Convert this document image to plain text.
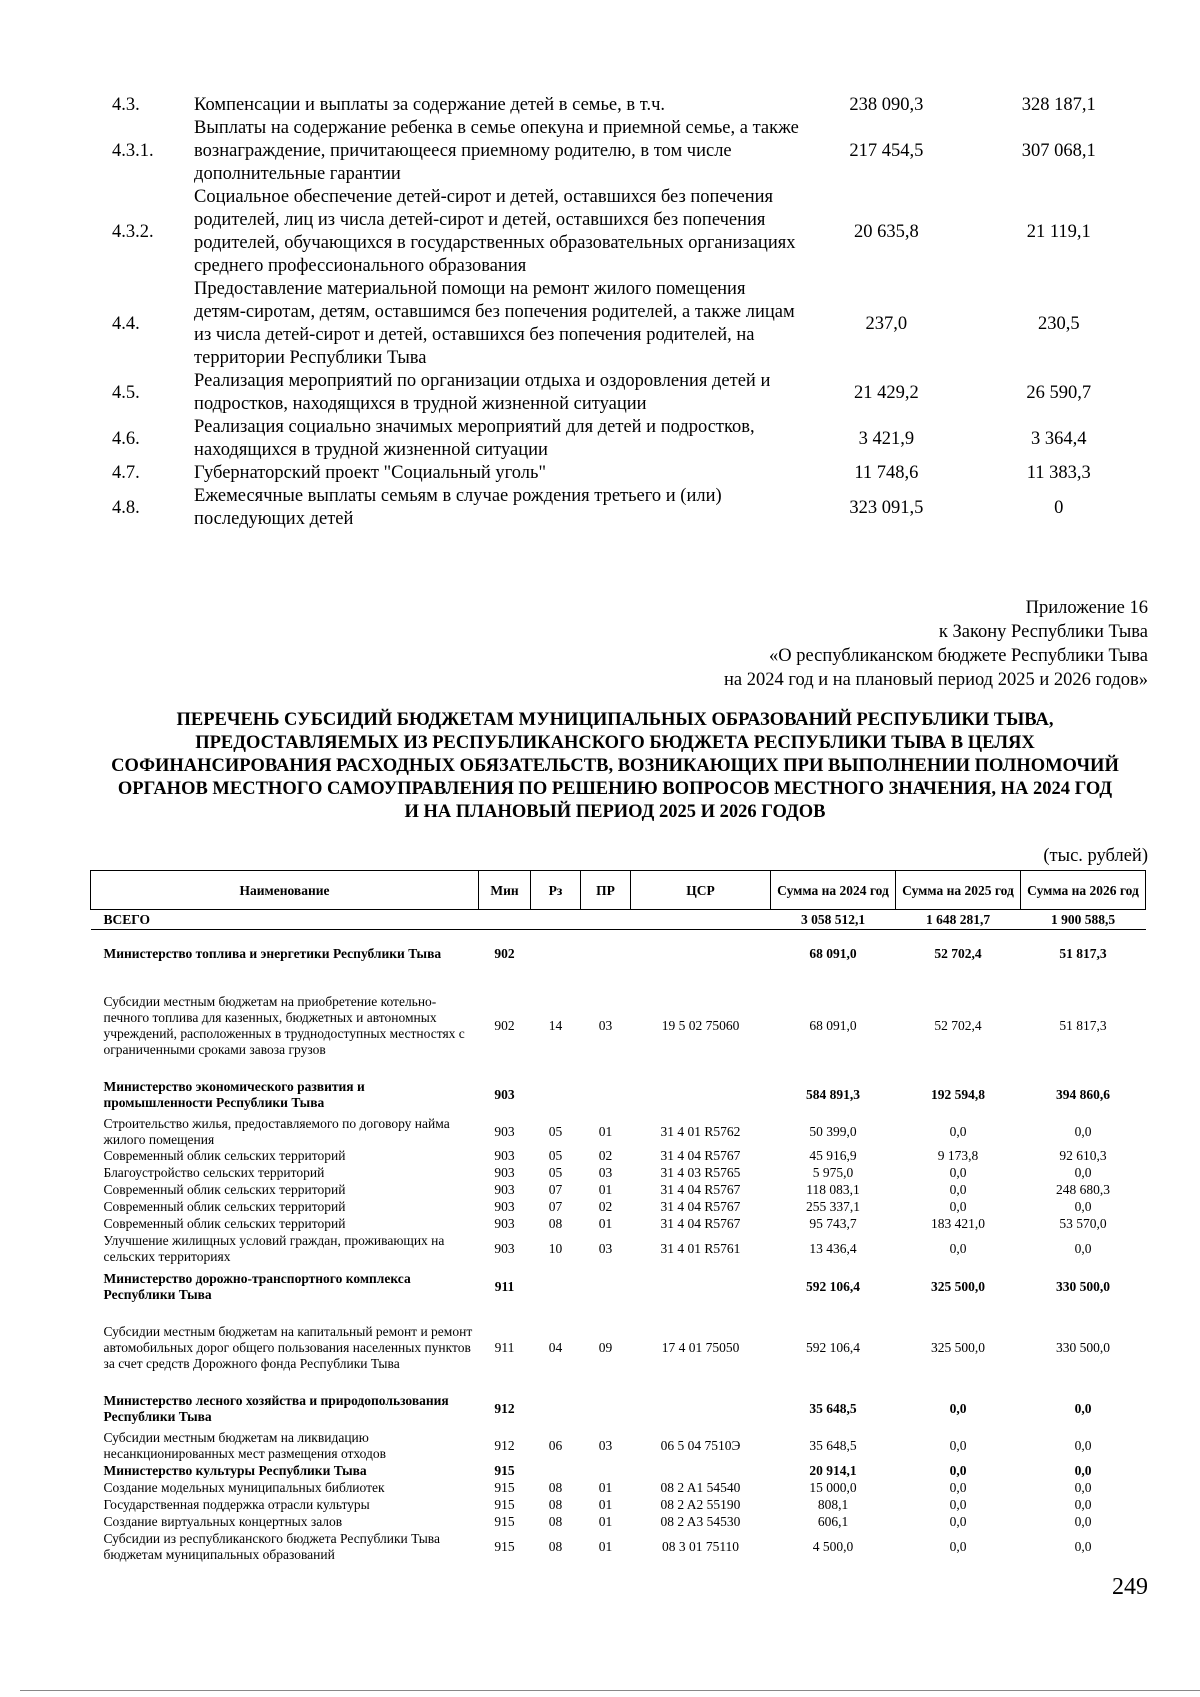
4.3.	Компенсации и выплаты за содержание детей в семье, в т.ч.	238 090,3	328 187,1
4.3.1.	Выплаты на содержание ребенка в семье опекуна и приемной семье, а также вознаграждение, причитающееся приемному родителю, в том числе дополнительные гарантии	217 454,5	307 068,1
4.3.2.	Социальное обеспечение детей-сирот и детей, оставшихся без попечения родителей, лиц из числа детей-сирот и детей, оставшихся без попечения родителей, обучающихся в государственных образовательных организациях среднего профессионального образования	20 635,8	21 119,1
4.4.	Предоставление материальной помощи на ремонт жилого помещения детям-сиротам, детям, оставшимся без попечения родителей, а также лицам из числа детей-сирот и детей, оставшихся без попечения родителей, на территории Республики Тыва	237,0	230,5
4.5.	Реализация мероприятий по организации отдыха и оздоровления детей и подростков, находящихся в трудной жизненной ситуации	21 429,2	26 590,7
4.6.	Реализация социально значимых мероприятий для детей и подростков, находящихся в трудной жизненной ситуации	3 421,9	3 364,4
4.7.	Губернаторский проект "Социальный уголь"	11 748,6	11 383,3
4.8.	Ежемесячные выплаты семьям в случае рождения третьего и (или) последующих детей	323 091,5	0
Приложение 16
к Закону Республики Тыва
«О республиканском бюджете Республики Тыва
на 2024 год и на плановый период 2025 и 2026 годов»
ПЕРЕЧЕНЬ СУБСИДИЙ БЮДЖЕТАМ МУНИЦИПАЛЬНЫХ ОБРАЗОВАНИЙ РЕСПУБЛИКИ ТЫВА, ПРЕДОСТАВЛЯЕМЫХ ИЗ РЕСПУБЛИКАНСКОГО БЮДЖЕТА РЕСПУБЛИКИ ТЫВА В ЦЕЛЯХ СОФИНАНСИРОВАНИЯ РАСХОДНЫХ ОБЯЗАТЕЛЬСТВ, ВОЗНИКАЮЩИХ ПРИ ВЫПОЛНЕНИИ ПОЛНОМОЧИЙ ОРГАНОВ МЕСТНОГО САМОУПРАВЛЕНИЯ ПО РЕШЕНИЮ ВОПРОСОВ МЕСТНОГО ЗНАЧЕНИЯ, НА 2024 ГОД И НА ПЛАНОВЫЙ ПЕРИОД 2025 И 2026 ГОДОВ
(тыс. рублей)
Наименование	Мин	Рз	ПР	ЦСР	Сумма на 2024 год	Сумма на 2025 год	Сумма на 2026 год
ВСЕГО					3 058 512,1	1 648 281,7	1 900 588,5
Министерство топлива и энергетики Республики Тыва	902				68 091,0	52 702,4	51 817,3
Субсидии местным бюджетам на приобретение котельно-печного топлива для казенных, бюджетных и автономных учреждений, расположенных в труднодоступных местностях с ограниченными сроками завоза грузов	902	14	03	19 5 02 75060	68 091,0	52 702,4	51 817,3
Министерство экономического развития и промышленности Республики Тыва	903				584 891,3	192 594,8	394 860,6
Строительство жилья, предоставляемого по договору найма жилого помещения	903	05	01	31 4 01 R5762	50 399,0	0,0	0,0
Современный облик сельских территорий	903	05	02	31 4 04 R5767	45 916,9	9 173,8	92 610,3
Благоустройство сельских территорий	903	05	03	31 4 03 R5765	5 975,0	0,0	0,0
Современный облик сельских территорий	903	07	01	31 4 04 R5767	118 083,1	0,0	248 680,3
Современный облик сельских территорий	903	07	02	31 4 04 R5767	255 337,1	0,0	0,0
Современный облик сельских территорий	903	08	01	31 4 04 R5767	95 743,7	183 421,0	53 570,0
Улучшение жилищных условий граждан, проживающих на сельских территориях	903	10	03	31 4 01 R5761	13 436,4	0,0	0,0
Министерство дорожно-транспортного комплекса Республики Тыва	911				592 106,4	325 500,0	330 500,0
Субсидии местным бюджетам на капитальный ремонт и ремонт автомобильных дорог общего пользования населенных пунктов за счет средств Дорожного фонда Республики Тыва	911	04	09	17 4 01 75050	592 106,4	325 500,0	330 500,0
Министерство лесного хозяйства и природопользования Республики Тыва	912				35 648,5	0,0	0,0
Субсидии местным бюджетам на ликвидацию несанкционированных мест размещения отходов	912	06	03	06 5 04 7510Э	35 648,5	0,0	0,0
Министерство культуры Республики Тыва	915				20 914,1	0,0	0,0
Создание модельных муниципальных библиотек	915	08	01	08 2 A1 54540	15 000,0	0,0	0,0
Государственная поддержка отрасли культуры	915	08	01	08 2 A2 55190	808,1	0,0	0,0
Создание виртуальных концертных залов	915	08	01	08 2 A3 54530	606,1	0,0	0,0
Субсидии из республиканского бюджета Республики Тыва бюджетам муниципальных образований	915	08	01	08 3 01 75110	4 500,0	0,0	0,0
249
